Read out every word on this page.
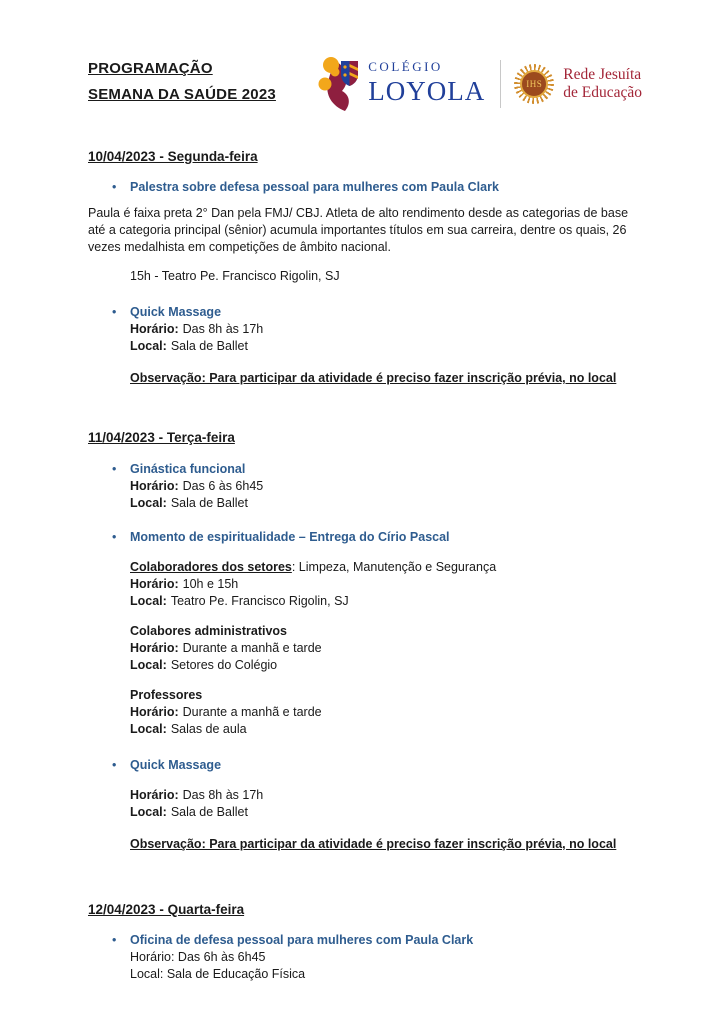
PROGRAMAÇÃO
SEMANA DA SAÚDE 2023
COLÉGIO
LOYOLA	IHS
Rede Jesuíta
de Educação
10/04/2023 - Segunda-feira
•
Palestra sobre defesa pessoal para mulheres com Paula Clark
Paula é faixa preta 2° Dan pela FMJ/ CBJ. Atleta de alto rendimento desde as categorias de base até a categoria principal (sênior) acumula importantes títulos em sua carreira, dentre os quais, 26 vezes medalhista em competições de âmbito nacional.
15h - Teatro Pe. Francisco Rigolin, SJ
•
Quick Massage
Horário: Das 8h às 17h
Local: Sala de Ballet
Observação: Para participar da atividade é preciso fazer inscrição prévia, no local
11/04/2023 - Terça-feira
•
Ginástica funcional
Horário: Das 6 às 6h45
Local: Sala de Ballet
•
Momento de espiritualidade – Entrega do Círio Pascal
Colaboradores dos setores: Limpeza, Manutenção e Segurança
Horário: 10h e 15h
Local: Teatro Pe. Francisco Rigolin, SJ
Colabores administrativos
Horário: Durante a manhã e tarde
Local: Setores do Colégio
Professores
Horário: Durante a manhã e tarde
Local: Salas de aula
•
Quick Massage
Horário: Das 8h às 17h
Local: Sala de Ballet
Observação: Para participar da atividade é preciso fazer inscrição prévia, no local
12/04/2023 - Quarta-feira
•
Oficina de defesa pessoal para mulheres com Paula Clark
Horário: Das 6h às 6h45
Local: Sala de Educação Física
